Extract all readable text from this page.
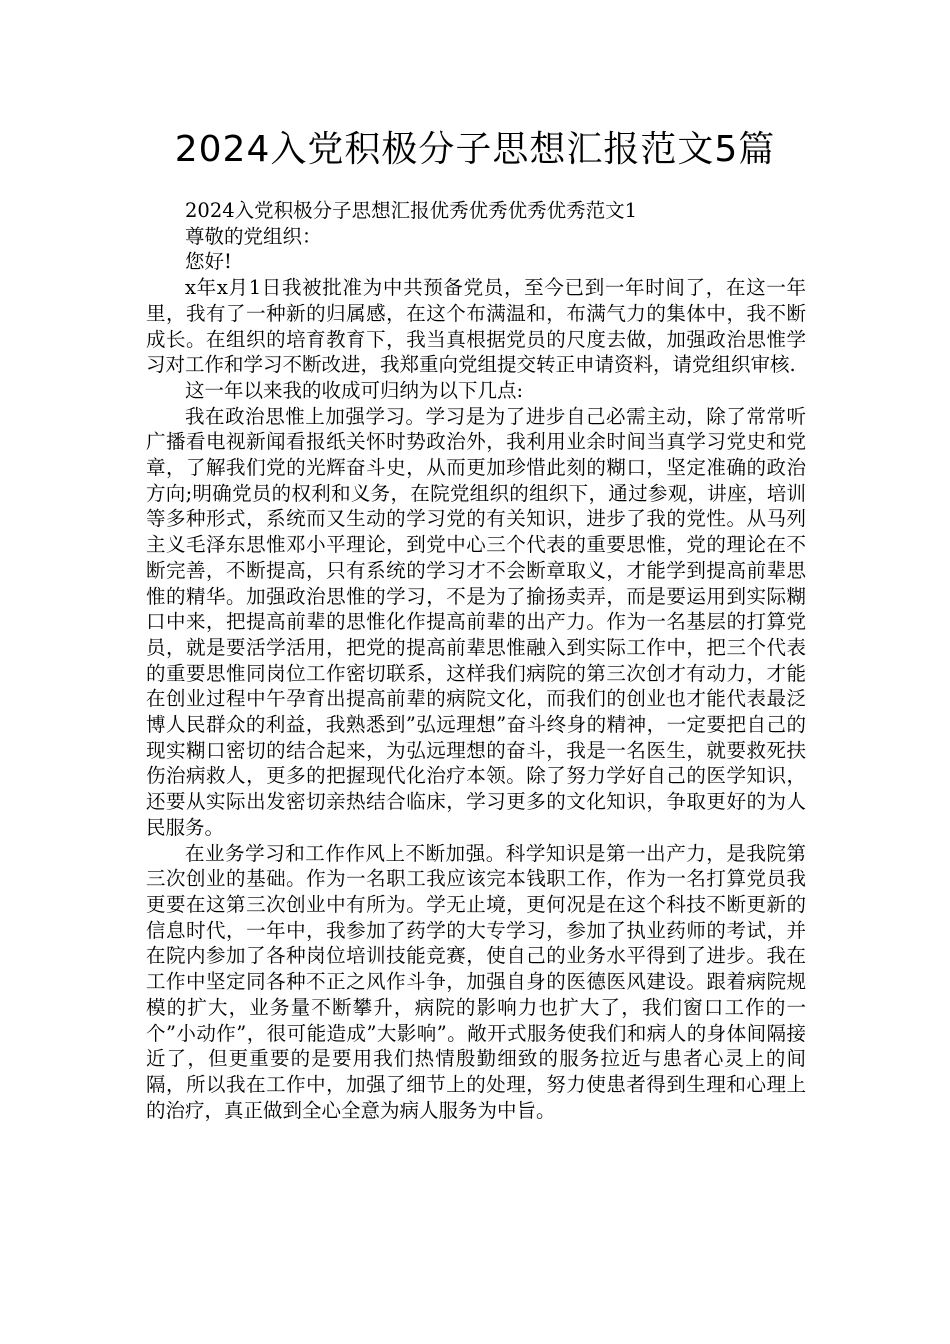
2024入党积极分子思想汇报范文5篇

2024入党积极分子思想汇报优秀优秀优秀优秀范文1

尊敬的党组织：

您好!

x年x月1日我被批准为中共预备党员，至今已到一年时间了，在这一年里，我有了一种新的归属感，在这个布满温和，布满气力的集体中，我不断成长。在组织的培育教育下，我当真根据党员的尺度去做，加强政治思惟学习对工作和学习不断改进，我郑重向党组提交转正申请资料，请党组织审核.

这一年以来我的收成可归纳为以下几点:

我在政治思惟上加强学习。学习是为了进步自己必需主动，除了常常听广播看电视新闻看报纸关怀时势政治外，我利用业余时间当真学习党史和党章，了解我们党的光辉奋斗史，从而更加珍惜此刻的糊口，坚定准确的政治方向;明确党员的权利和义务，在院党组织的组织下，通过参观，讲座，培训等多种形式，系统而又生动的学习党的有关知识，进步了我的党性。从马列主义毛泽东思惟邓小平理论，到党中心三个代表的重要思惟，党的理论在不断完善，不断提高，只有系统的学习才不会断章取义，才能学到提高前辈思惟的精华。加强政治思惟的学习，不是为了揄扬卖弄，而是要运用到实际糊口中来，把提高前辈的思惟化作提高前辈的出产力。作为一名基层的打算党员，就是要活学活用，把党的提高前辈思惟融入到实际工作中，把三个代表的重要思惟同岗位工作密切联系，这样我们病院的第三次创才有动力，才能在创业过程中午孕育出提高前辈的病院文化，而我们的创业也才能代表最泛博人民群众的利益，我熟悉到”弘远理想”奋斗终身的精神，一定要把自己的现实糊口密切的结合起来，为弘远理想的奋斗，我是一名医生，就要救死扶伤治病救人，更多的把握现代化治疗本领。除了努力学好自己的医学知识，还要从实际出发密切亲热结合临床，学习更多的文化知识，争取更好的为人民服务。

在业务学习和工作作风上不断加强。科学知识是第一出产力，是我院第三次创业的基础。作为一名职工我应该完本钱职工作，作为一名打算党员我更要在这第三次创业中有所为。学无止境，更何况是在这个科技不断更新的信息时代，一年中，我参加了药学的大专学习，参加了执业药师的考试，并在院内参加了各种岗位培训技能竞赛，使自己的业务水平得到了进步。我在工作中坚定同各种不正之风作斗争，加强自身的医德医风建设。跟着病院规模的扩大，业务量不断攀升，病院的影响力也扩大了，我们窗口工作的一个”小动作”，很可能造成”大影响”。敞开式服务使我们和病人的身体间隔接近了，但更重要的是要用我们热情殷勤细致的服务拉近与患者心灵上的间隔，所以我在工作中，加强了细节上的处理，努力使患者得到生理和心理上的治疗，真正做到全心全意为病人服务为中旨。
